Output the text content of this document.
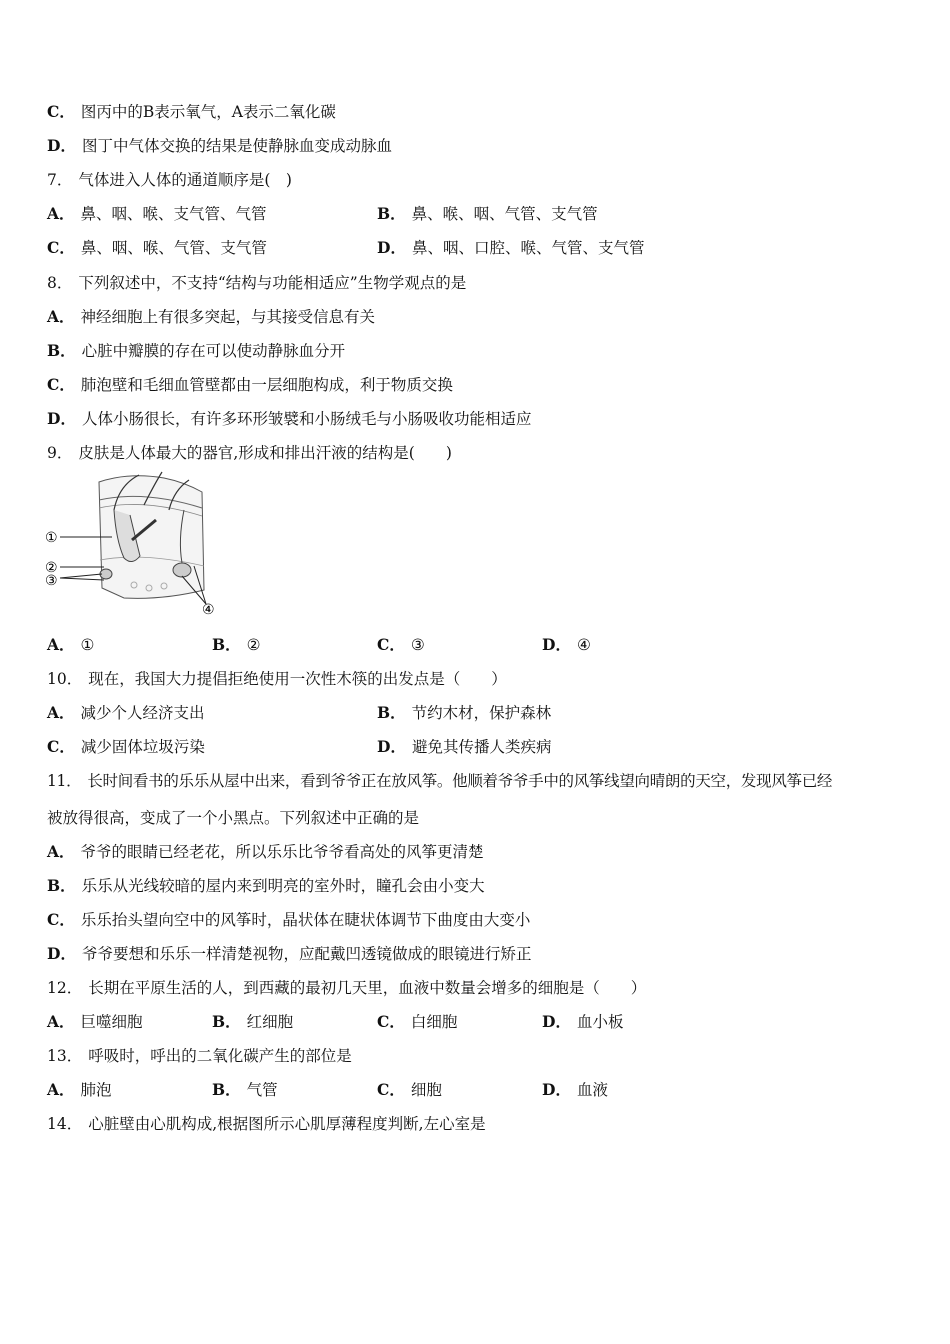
C． 图丙中的B表示氧气，A表示二氧化碳
D． 图丁中气体交换的结果是使静脉血变成动脉血
7． 气体进入人体的通道顺序是(　)
A． 鼻、咽、喉、支气管、气管	B． 鼻、喉、咽、气管、支气管
C． 鼻、咽、喉、气管、支气管	D． 鼻、咽、口腔、喉、气管、支气管
8． 下列叙述中，不支持“结构与功能相适应”生物学观点的是
A． 神经细胞上有很多突起，与其接受信息有关
B． 心脏中瓣膜的存在可以使动静脉血分开
C． 肺泡壁和毛细血管壁都由一层细胞构成，利于物质交换
D． 人体小肠很长，有许多环形皱襞和小肠绒毛与小肠吸收功能相适应
9． 皮肤是人体最大的器官,形成和排出汗液的结构是(　　)
①
②
③
④
A． ①	B． ②	C． ③	D． ④
10． 现在，我国大力提倡拒绝使用一次性木筷的出发点是（　　）
A． 减少个人经济支出	B． 节约木材，保护森林
C． 减少固体垃圾污染	D． 避免其传播人类疾病
11． 长时间看书的乐乐从屋中出来，看到爷爷正在放风筝。他顺着爷爷手中的风筝线望向晴朗的天空，发现风筝已经
被放得很高，变成了一个小黑点。下列叙述中正确的是
A． 爷爷的眼睛已经老花，所以乐乐比爷爷看高处的风筝更清楚
B． 乐乐从光线较暗的屋内来到明亮的室外时，瞳孔会由小变大
C． 乐乐抬头望向空中的风筝时，晶状体在睫状体调节下曲度由大变小
D． 爷爷要想和乐乐一样清楚视物，应配戴凹透镜做成的眼镜进行矫正
12． 长期在平原生活的人，到西藏的最初几天里，血液中数量会增多的细胞是（　　）
A． 巨噬细胞	B． 红细胞	C． 白细胞	D． 血小板
13． 呼吸时，呼出的二氧化碳产生的部位是
A． 肺泡	B． 气管	C． 细胞	D． 血液
14． 心脏壁由心肌构成,根据图所示心肌厚薄程度判断,左心室是
